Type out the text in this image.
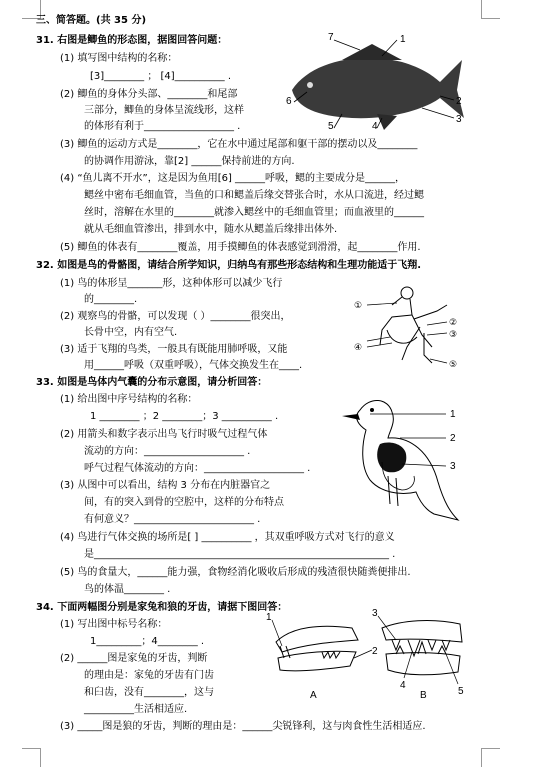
三、简答题。(共 35 分)
31. 右图是鲫鱼的形态图，据图回答问题：
(1) 填写图中结构的名称：
[3]________ ； [4]__________ .
(2) 鲫鱼的身体分头部、________和尾部
三部分，鲫鱼的身体呈流线形，这样
的体形有利于__________________ .
(3) 鲫鱼的运动方式是________，它在水中通过尾部和躯干部的摆动以及________
的协调作用游泳，靠[2] ______保持前进的方向.
(4) “鱼儿离不开水”，这是因为鱼用[6] ______呼吸，鳃的主要成分是______，
鳃丝中密布毛细血管，当鱼的口和鳃盖后缘交替张合时，水从口流进，经过鳃
丝时，溶解在水里的________就渗入鳃丝中的毛细血管里；而血液里的______
就从毛细血管渗出，排到水中，随水从鳃盖后缘排出体外.
(5) 鲫鱼的体表有________覆盖，用手摸鲫鱼的体表感觉到滑滑，起________作用.
7	1
2
3
4
5
6
32. 如图是鸟的骨骼图，请结合所学知识，归纳鸟有那些形态结构和生理功能适于飞翔.
(1) 鸟的体形呈_______形，这种体形可以减少飞行
的________.
(2) 观察鸟的骨骼，可以发现（ ）________很突出，
长骨中空，内有空气.
(3) 适于飞翔的鸟类，一般具有既能用肺呼吸，又能
用______呼吸（双重呼吸），气体交换发生在____.
①
②
③
④
⑤
33. 如图是鸟体内气囊的分布示意图，请分析回答：
(1) 给出图中序号结构的名称：
1 ________ ；2 ________；3 __________ .
(2) 用箭头和数字表示出鸟飞行时吸气过程气体
流动的方向：____________________ .
呼气过程气体流动的方向：____________________ .
(3) 从图中可以看出，结构 3 分布在内脏器官之
间，有的突入到骨的空腔中，这样的分布特点
有何意义？________________________ .
(4) 鸟进行气体交换的场所是[ ] __________ ，其双重呼吸方式对飞行的意义
是___________________________________________________________ .
(5) 鸟的食量大，______能力强，食物经消化吸收后形成的残渣很快随粪便排出.
鸟的体温________ .
1
2
3
34. 下面两幅图分别是家兔和狼的牙齿，请据下图回答：
(1) 写出图中标号名称：
1_________；4________ .
(2) ______图是家兔的牙齿，判断
的理由是：家兔的牙齿有门齿
和臼齿，没有________，这与
__________生活相适应.
(3) _____图是狼的牙齿，判断的理由是：______尖锐锋利，这与肉食性生活相适应.
1
2
3
4
5
A	B
